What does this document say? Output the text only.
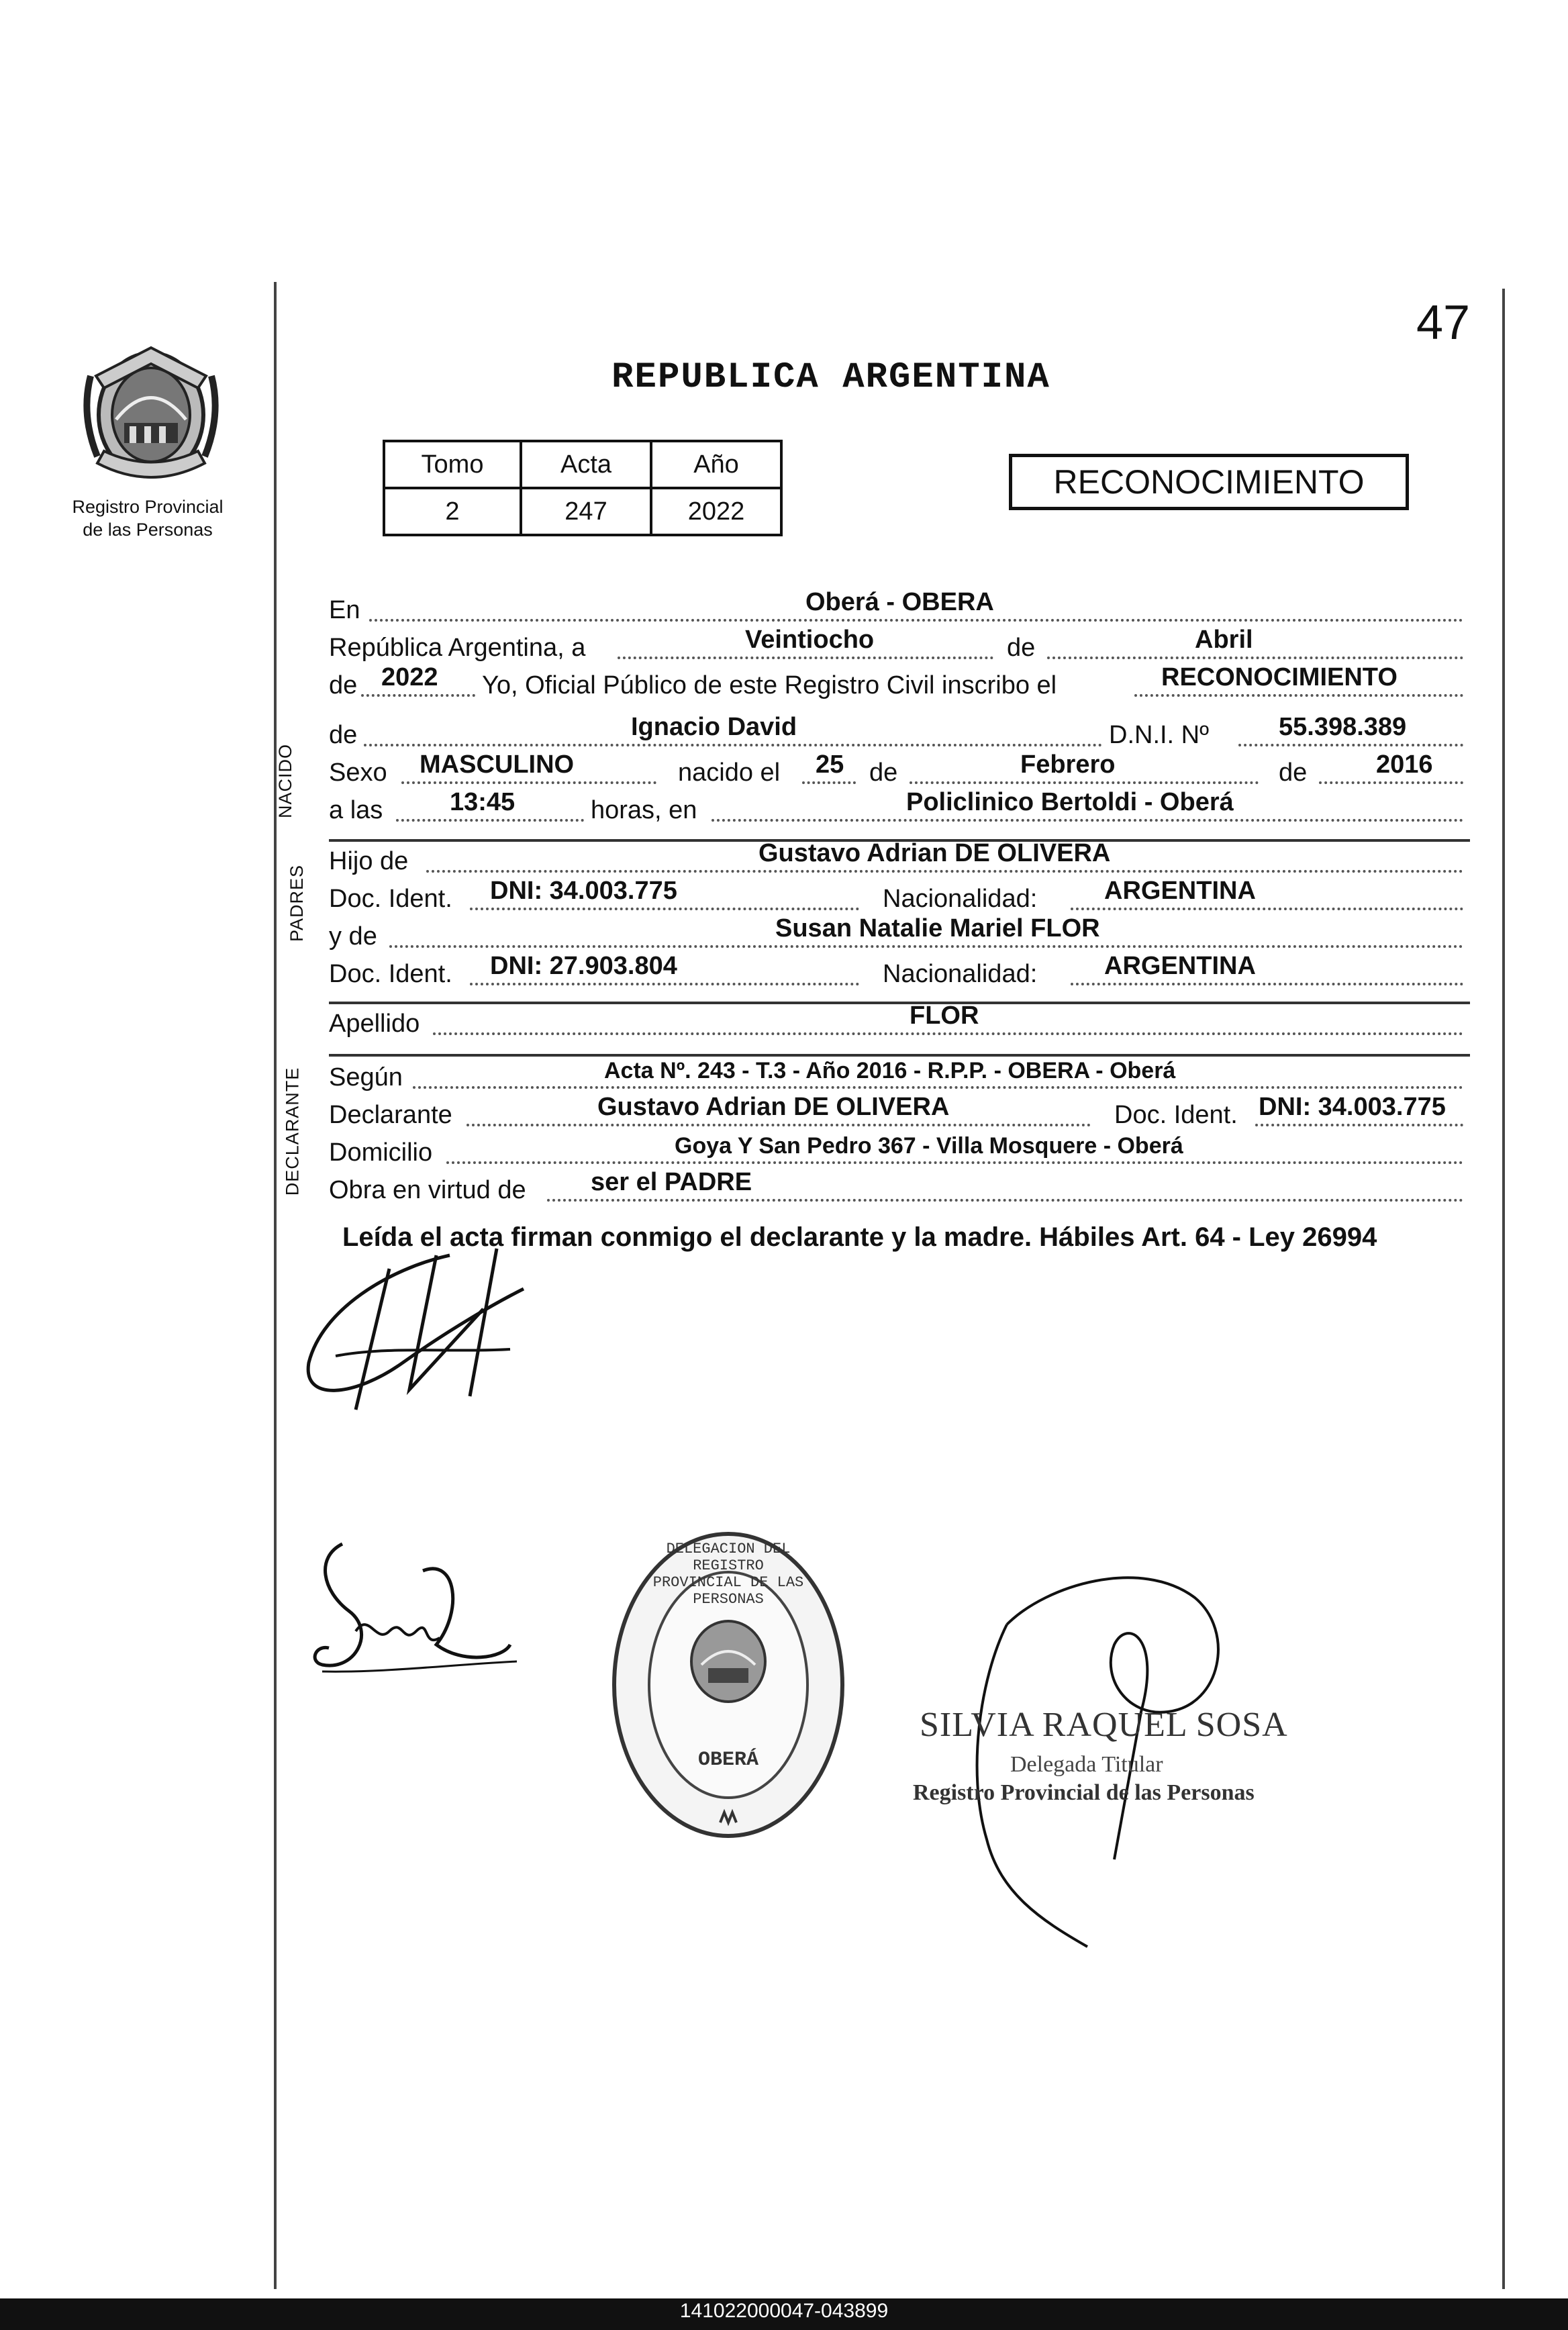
47
Registro Provincial
de las Personas
REPUBLICA ARGENTINA
Tomo	Acta	Año
2	247	2022
RECONOCIMIENTO
En	Oberá - OBERA
República Argentina, a	Veintiocho	de	Abril
de 2022 Yo, Oficial Público de este Registro Civil inscribo el	RECONOCIMIENTO
NACIDO
de	Ignacio David	D.N.I. Nº	55.398.389
Sexo MASCULINO	nacido el 25 de	Febrero	de	2016
a las	13:45	horas, en	Policlinico Bertoldi - Oberá
PADRES
Hijo de	Gustavo Adrian DE OLIVERA
Doc. Ident. DNI: 34.003.775	Nacionalidad:	ARGENTINA
y de	Susan Natalie Mariel FLOR
Doc. Ident. DNI: 27.903.804	Nacionalidad:	ARGENTINA
Apellido	FLOR
DECLARANTE Según	Acta Nº. 243 - T.3 - Año 2016 - R.P.P. - OBERA - Oberá
Declarante	Gustavo Adrian DE OLIVERA	Doc. Ident. DNI: 34.003.775
Domicilio	Goya Y San Pedro 367 - Villa Mosquere - Oberá
Obra en virtud de	ser el PADRE
Leída el acta firman conmigo el declarante y la madre. Hábiles Art. 64 - Ley 26994
DELEGACION DEL REGISTRO PROVINCIAL DE LAS PERSONAS
OBERÁ
SILVIA RAQUEL SOSA
Delegada Titular
Registro Provincial de las Personas
141022000047-043899
